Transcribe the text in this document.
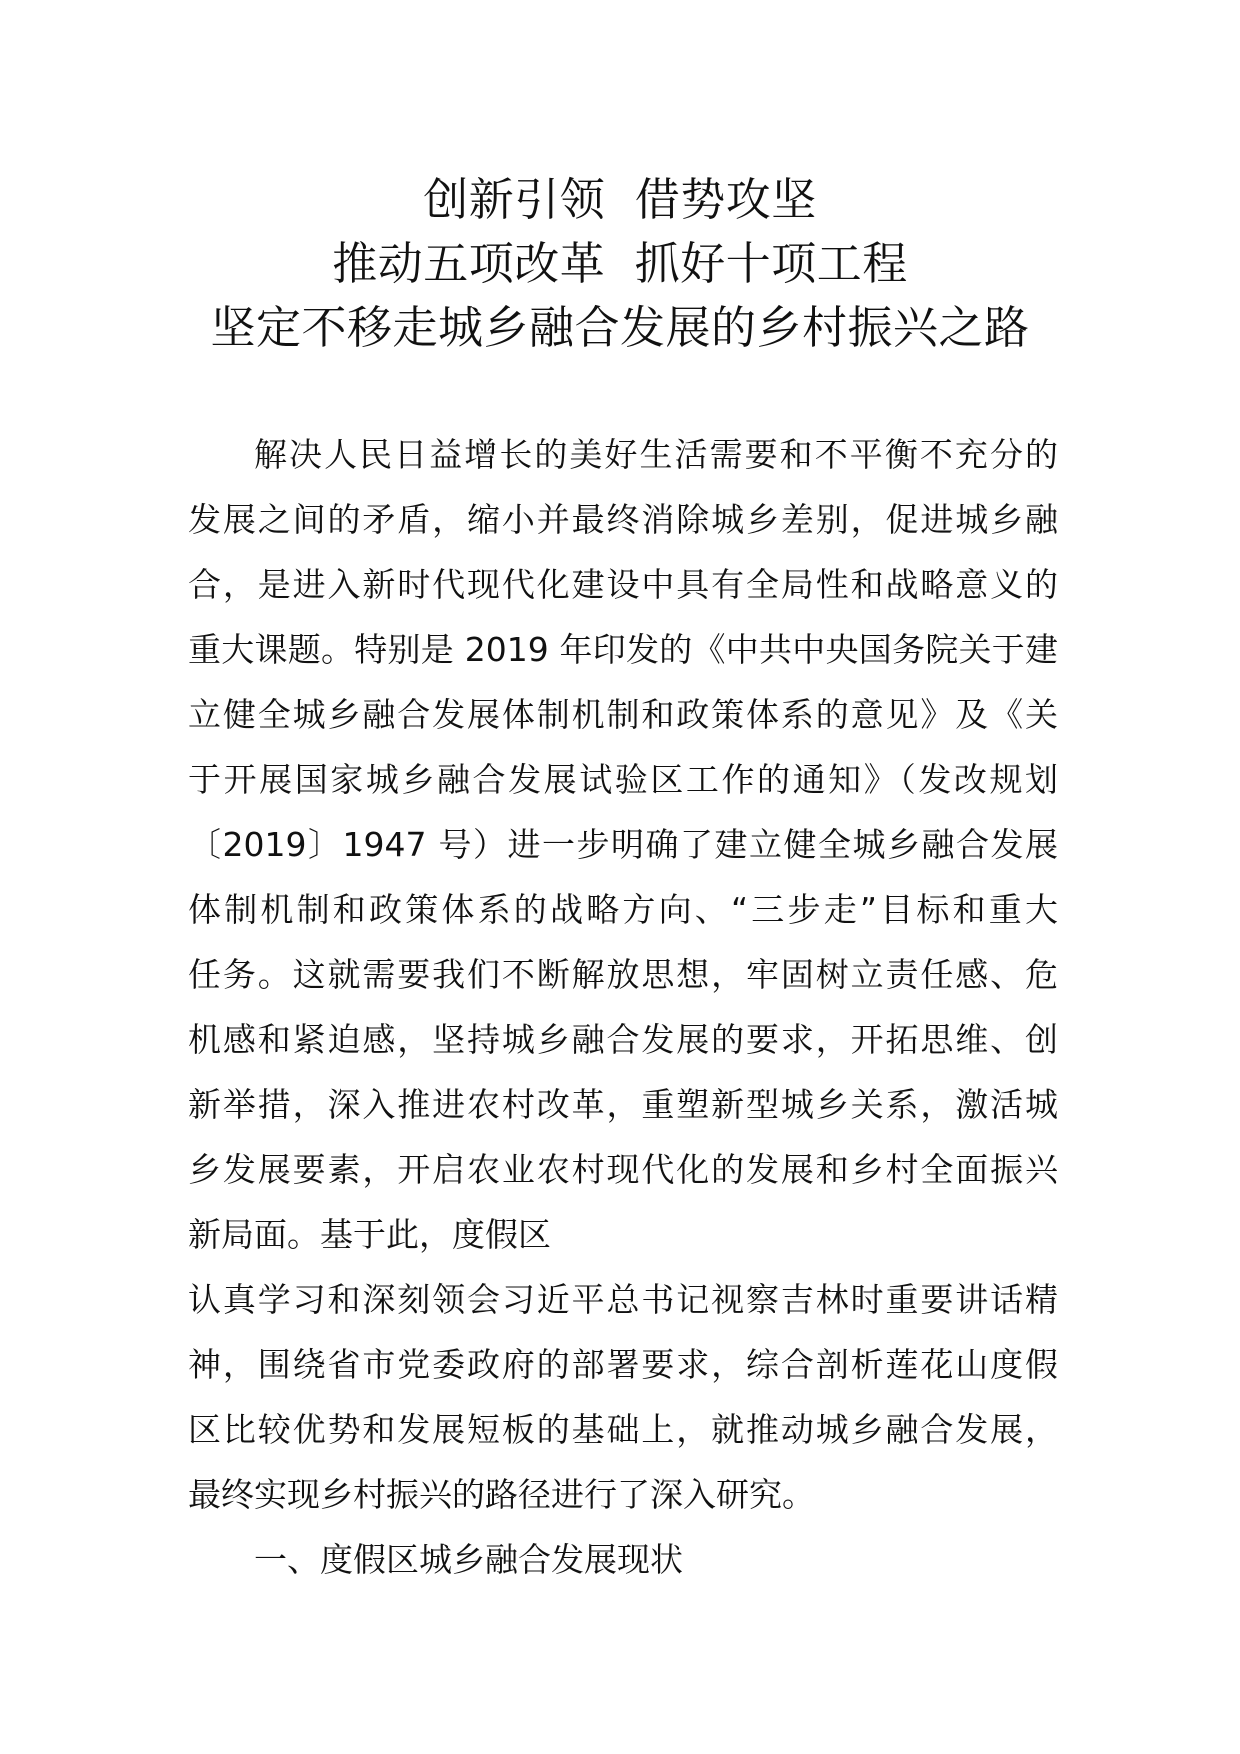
创新引领  借势攻坚
推动五项改革  抓好十项工程
坚定不移走城乡融合发展的乡村振兴之路
解决人民日益增长的美好生活需要和不平衡不充分的
发展之间的矛盾，缩小并最终消除城乡差别，促进城乡融
合，是进入新时代现代化建设中具有全局性和战略意义的
重大课题。特别是 2019 年印发的《中共中央国务院关于建
立健全城乡融合发展体制机制和政策体系的意见》及《关
于开展国家城乡融合发展试验区工作的通知》（发改规划
〔2019〕1947 号）进一步明确了建立健全城乡融合发展
体制机制和政策体系的战略方向、“三步走”目标和重大
任务。这就需要我们不断解放思想，牢固树立责任感、危
机感和紧迫感，坚持城乡融合发展的要求，开拓思维、创
新举措，深入推进农村改革，重塑新型城乡关系，激活城
乡发展要素，开启农业农村现代化的发展和乡村全面振兴
新局面。基于此，度假区
认真学习和深刻领会习近平总书记视察吉林时重要讲话精
神，围绕省市党委政府的部署要求，综合剖析莲花山度假
区比较优势和发展短板的基础上，就推动城乡融合发展，
最终实现乡村振兴的路径进行了深入研究。
一、度假区城乡融合发展现状
